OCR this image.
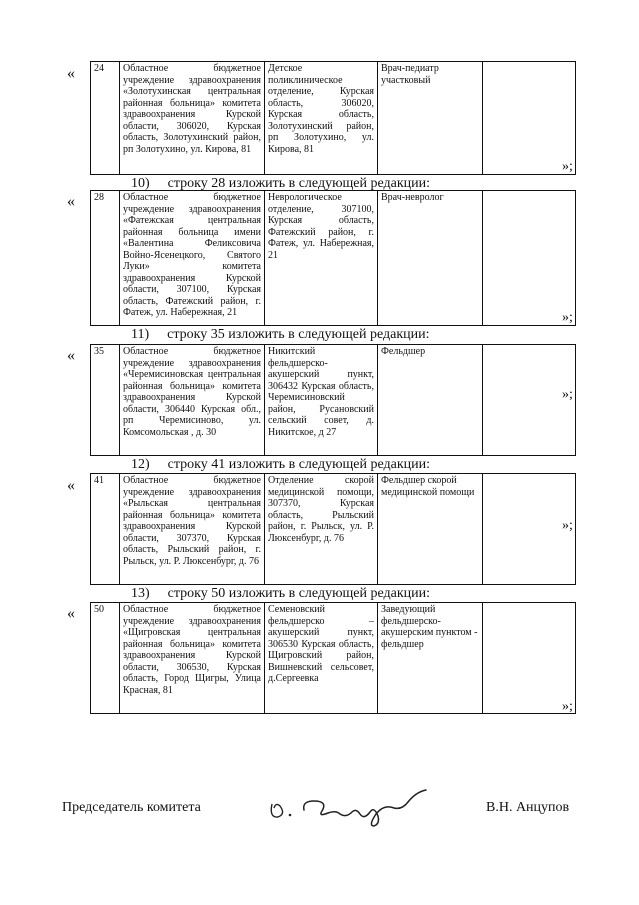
« 24	Областное бюджетное учреждение здравоохранения «Золотухинская центральная районная больница» комитета здравоохранения Курской области, 306020, Курская область, Золотухинский район, рп Золотухино, ул. Кирова, 81	Детское поликлиническое отделение, Курская область, 306020, Курская область, Золотухинский район, рп Золотухино, ул. Кирова, 81	Врач-педиатр участковый	
»;
10) строку 28 изложить в следующей редакции:
« 28	Областное бюджетное учреждение здравоохранения «Фатежская центральная районная больница имени «Валентина Феликсовича Войно-Ясенецкого, Святого Луки» комитета здравоохранения Курской области, 307100, Курская область, Фатежский район, г. Фатеж, ул. Набережная, 21	Неврологическое отделение, 307100, Курская область, Фатежский район, г. Фатеж, ул. Набережная, 21	Врач-невролог	
»;
11) строку 35 изложить в следующей редакции:
« 35	Областное бюджетное учреждение здравоохранения «Черемисиновская центральная районная больница» комитета здравоохранения Курской области, 306440 Курская обл., рп Черемисиново, ул. Комсомольская , д. 30	Никитский фельдшерско-акушерский пункт, 306432 Курская область, Черемисиновский район, Русановский сельский совет, д. Никитское, д 27	Фельдшер	
»;
12) строку 41 изложить в следующей редакции:
« 41	Областное бюджетное учреждение здравоохранения «Рыльская центральная районная больница» комитета здравоохранения Курской области, 307370, Курская область, Рыльский район, г. Рыльск, ул. Р. Люксенбург, д. 76	Отделение скорой медицинской помощи, 307370, Курская область, Рыльский район, г. Рыльск, ул. Р. Люксенбург, д. 76	Фельдшер скорой медицинской помощи	
»;
13) строку 50 изложить в следующей редакции:
« 50	Областное бюджетное учреждение здравоохранения «Щигровская центральная районная больница» комитета здравоохранения Курской области, 306530, Курская область, Город Щигры, Улица Красная, 81	Семеновский фельдшерско – акушерский пункт, 306530 Курская область, Щигровский район, Вишневский сельсовет, д.Сергеевка	Заведующий фельдшерско-акушерским пунктом - фельдшер	
»;
Председатель комитета	В.Н. Анцупов
